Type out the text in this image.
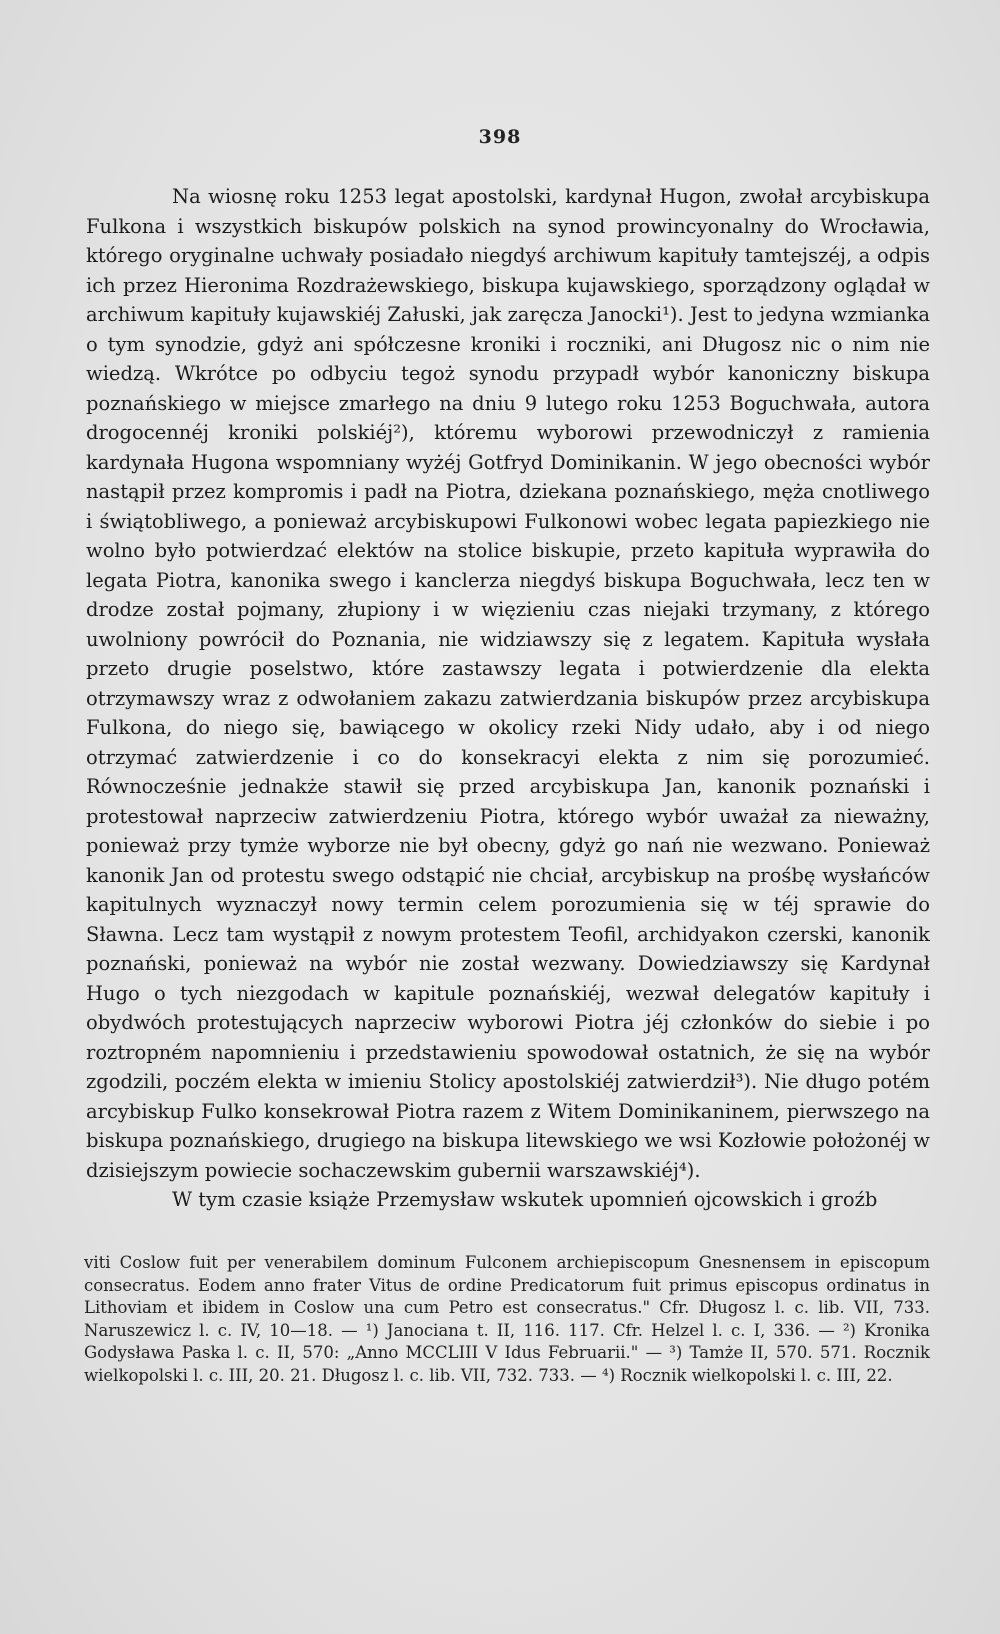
398

Na wiosnę roku 1253 legat apostolski, kardynał Hugon, zwołał arcybiskupa Fulkona i wszystkich biskupów polskich na synod prowincyonalny do Wrocławia, którego oryginalne uchwały posiadało niegdyś archiwum kapituły tamtejszéj, a odpis ich przez Hieronima Rozdrażewskiego, biskupa kujawskiego, sporządzony oglądał w archiwum kapituły kujawskiéj Załuski, jak zaręcza Janocki¹). Jest to jedyna wzmianka o tym synodzie, gdyż ani spółczesne kroniki i roczniki, ani Długosz nic o nim nie wiedzą. Wkrótce po odbyciu tegoż synodu przypadł wybór kanoniczny biskupa poznańskiego w miejsce zmarłego na dniu 9 lutego roku 1253 Boguchwała, autora drogocennéj kroniki polskiéj²), któremu wyborowi przewodniczył z ramienia kardynała Hugona wspomniany wyżéj Gotfryd Dominikanin. W jego obecności wybór nastąpił przez kompromis i padł na Piotra, dziekana poznańskiego, męża cnotliwego i świątobliwego, a ponieważ arcybiskupowi Fulkonowi wobec legata papiezkiego nie wolno było potwierdzać elektów na stolice biskupie, przeto kapituła wyprawiła do legata Piotra, kanonika swego i kanclerza niegdyś biskupa Boguchwała, lecz ten w drodze został pojmany, złupiony i w więzieniu czas niejaki trzymany, z którego uwolniony powrócił do Poznania, nie widziawszy się z legatem. Kapituła wysłała przeto drugie poselstwo, które zastawszy legata i potwierdzenie dla elekta otrzymawszy wraz z odwołaniem zakazu zatwierdzania biskupów przez arcybiskupa Fulkona, do niego się, bawiącego w okolicy rzeki Nidy udało, aby i od niego otrzymać zatwierdzenie i co do konsekracyi elekta z nim się porozumieć. Równocześnie jednakże stawił się przed arcybiskupa Jan, kanonik poznański i protestował naprzeciw zatwierdzeniu Piotra, którego wybór uważał za nieważny, ponieważ przy tymże wyborze nie był obecny, gdyż go nań nie wezwano. Ponieważ kanonik Jan od protestu swego odstąpić nie chciał, arcybiskup na prośbę wysłańców kapitulnych wyznaczył nowy termin celem porozumienia się w téj sprawie do Sławna. Lecz tam wystąpił z nowym protestem Teofil, archidyakon czerski, kanonik poznański, ponieważ na wybór nie został wezwany. Dowiedziawszy się Kardynał Hugo o tych niezgodach w kapitule poznańskiéj, wezwał delegatów kapituły i obydwóch protestujących naprzeciw wyborowi Piotra jéj członków do siebie i po roztropném napomnieniu i przedstawieniu spowodował ostatnich, że się na wybór zgodzili, poczém elekta w imieniu Stolicy apostolskiéj zatwierdził³). Nie długo potém arcybiskup Fulko konsekrował Piotra razem z Witem Dominikaninem, pierwszego na biskupa poznańskiego, drugiego na biskupa litewskiego we wsi Kozłowie położonéj w dzisiejszym powiecie sochaczewskim gubernii warszawskiéj⁴).

W tym czasie książe Przemysław wskutek upomnień ojcowskich i groźb

viti Coslow fuit per venerabilem dominum Fulconem archiepiscopum Gnesnensem in episcopum consecratus. Eodem anno frater Vitus de ordine Predicatorum fuit primus episcopus ordinatus in Lithoviam et ibidem in Coslow una cum Petro est consecratus." Cfr. Długosz l. c. lib. VII, 733. Naruszewicz l. c. IV, 10—18. — ¹) Janociana t. II, 116. 117. Cfr. Helzel l. c. I, 336. — ²) Kronika Godysława Paska l. c. II, 570: „Anno MCCLIII V Idus Februarii." — ³) Tamże II, 570. 571. Rocznik wielkopolski l. c. III, 20. 21. Długosz l. c. lib. VII, 732. 733. — ⁴) Rocznik wielkopolski l. c. III, 22.
